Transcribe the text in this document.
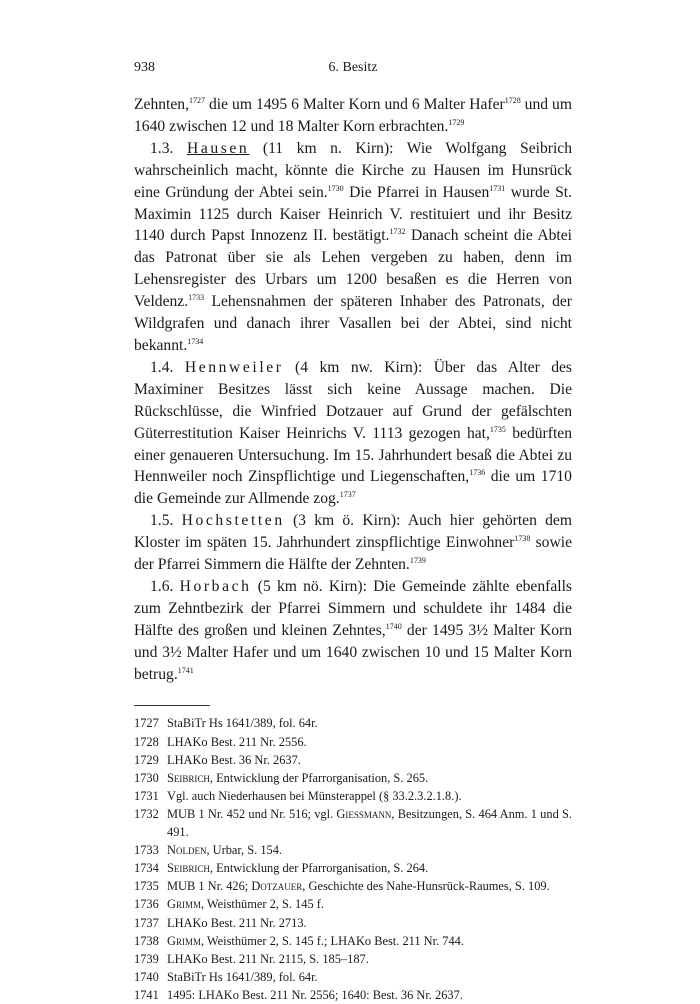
938	6. Besitz

Zehnten,$^{1727}$ die um 1495 6 Malter Korn und 6 Malter Hafer$^{1728}$ und um 1640 zwischen 12 und 18 Malter Korn erbrachten.$^{1729}$

1.3. Hausen (11 km n. Kirn): Wie Wolfgang Seibrich wahrscheinlich macht, könnte die Kirche zu Hausen im Hunsrück eine Gründung der Abtei sein.$^{1730}$ Die Pfarrei in Hausen$^{1731}$ wurde St. Maximin 1125 durch Kaiser Heinrich V. restituiert und ihr Besitz 1140 durch Papst Innozenz II. bestätigt.$^{1732}$ Danach scheint die Abtei das Patronat über sie als Lehen vergeben zu haben, denn im Lehensregister des Urbars um 1200 besaßen es die Herren von Veldenz.$^{1733}$ Lehensnahmen der späteren Inhaber des Patronats, der Wildgrafen und danach ihrer Vasallen bei der Abtei, sind nicht bekannt.$^{1734}$

1.4. Hennweiler (4 km nw. Kirn): Über das Alter des Maximiner Besitzes lässt sich keine Aussage machen. Die Rückschlüsse, die Winfried Dotzauer auf Grund der gefälschten Güterrestitution Kaiser Heinrichs V. 1113 gezogen hat,$^{1735}$ bedürften einer genaueren Untersuchung. Im 15. Jahrhundert besaß die Abtei zu Hennweiler noch Zinspflichtige und Liegenschaften,$^{1736}$ die um 1710 die Gemeinde zur Allmende zog.$^{1737}$

1.5. Hochstetten (3 km ö. Kirn): Auch hier gehörten dem Kloster im späten 15. Jahrhundert zinspflichtige Einwohner$^{1738}$ sowie der Pfarrei Simmern die Hälfte der Zehnten.$^{1739}$

1.6. Horbach (5 km nö. Kirn): Die Gemeinde zählte ebenfalls zum Zehntbezirk der Pfarrei Simmern und schuldete ihr 1484 die Hälfte des großen und kleinen Zehntes,$^{1740}$ der 1495 3½ Malter Korn und 3½ Malter Hafer und um 1640 zwischen 10 und 15 Malter Korn betrug.$^{1741}$

1727 StaBiTr Hs 1641/389, fol. 64r.
1728 LHAKo Best. 211 Nr. 2556.
1729 LHAKo Best. 36 Nr. 2637.
1730 Seibrich, Entwicklung der Pfarrorganisation, S. 265.
1731 Vgl. auch Niederhausen bei Münsterappel (§ 33.2.3.2.1.8.).
1732 MUB 1 Nr. 452 und Nr. 516; vgl. Giessmann, Besitzungen, S. 464 Anm. 1 und S. 491.
1733 Nolden, Urbar, S. 154.
1734 Seibrich, Entwicklung der Pfarrorganisation, S. 264.
1735 MUB 1 Nr. 426; Dotzauer, Geschichte des Nahe-Hunsrück-Raumes, S. 109.
1736 Grimm, Weisthümer 2, S. 145 f.
1737 LHAKo Best. 211 Nr. 2713.
1738 Grimm, Weisthümer 2, S. 145 f.; LHAKo Best. 211 Nr. 744.
1739 LHAKo Best. 211 Nr. 2115, S. 185–187.
1740 StaBiTr Hs 1641/389, fol. 64r.
1741 1495: LHAKo Best. 211 Nr. 2556; 1640: Best. 36 Nr. 2637.
